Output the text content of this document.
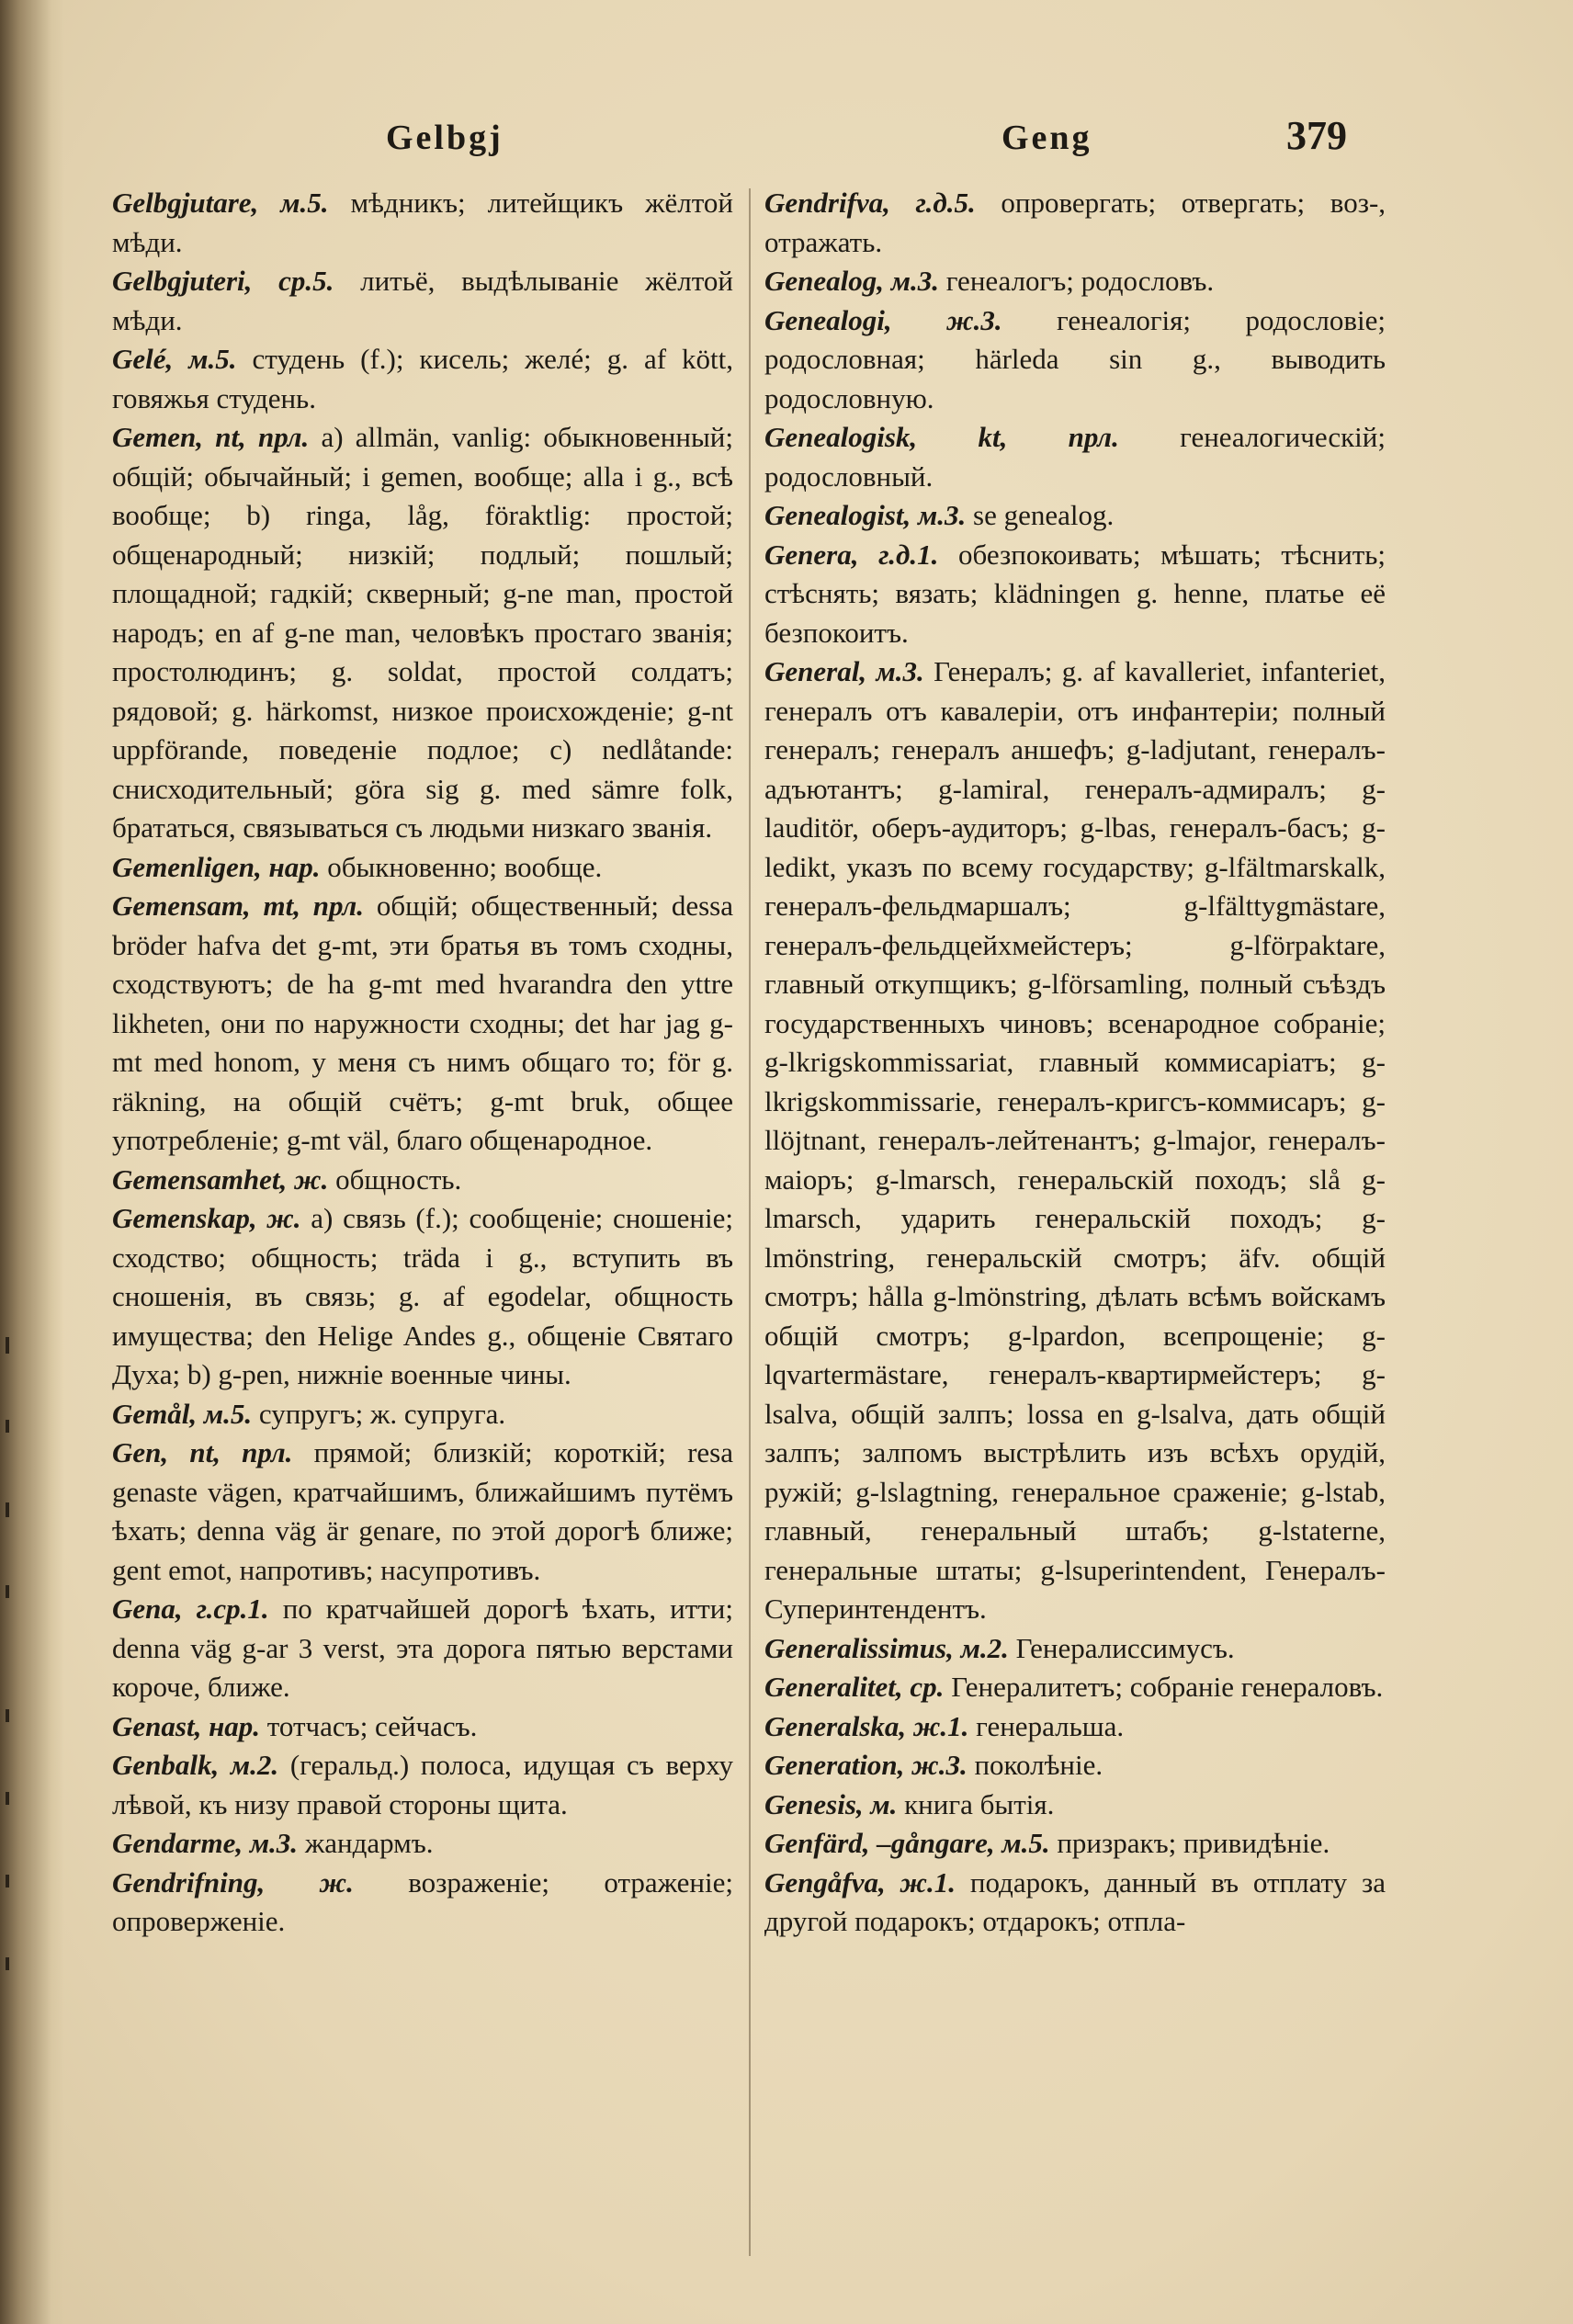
Gelbgj	Geng	379
Gelbgjutare, м.5. мѣдникъ; литейщикъ жёлтой мѣди.
Gelbgjuteri, ср.5. литьё, выдѣлываніе жёлтой мѣди.
Gelé, м.5. студень (f.); кисель; желé; g. af kött, говяжья студень.
Gemen, nt, прл. a) allmän, vanlig: обыкновенный; общій; обычайный; i gemen, вообще; alla i g., всѣ вообще; b) ringa, låg, föraktlig: простой; общенародный; низкій; подлый; пошлый; площадной; гадкій; скверный; g-ne man, простой народъ; en af g-ne man, человѣкъ простаго званія; простолюдинъ; g. soldat, простой солдатъ; рядовой; g. härkomst, низкое происхожденіе; g-nt uppförande, поведеніе подлое; c) nedlåtande: снисходительный; göra sig g. med sämre folk, брататься, связываться съ людьми низкаго званія.
Gemenligen, нар. обыкновенно; вообще.
Gemensam, mt, прл. общій; общественный; dessa bröder hafva det g-mt, эти братья въ томъ сходны, сходствуютъ; de ha g-mt med hvarandra den yttre likheten, они по наружности сходны; det har jag g-mt med honom, у меня съ нимъ общаго то; för g. räkning, на общій счётъ; g-mt bruk, общее употребленіе; g-mt väl, благо общенародное.
Gemensamhet, ж. общность.
Gemenskap, ж. a) связь (f.); сообщеніе; сношеніе; сходство; общность; träda i g., вступить въ сношенія, въ связь; g. af egodelar, общность имущества; den Helige Andes g., общеніе Святаго Духа; b) g-pen, нижніе военные чины.
Gemål, м.5. супругъ; ж. супруга.
Gen, nt, прл. прямой; близкій; короткій; resa genaste vägen, кратчайшимъ, ближайшимъ путёмъ ѣхать; denna väg är genare, по этой дорогѣ ближе; gent emot, напротивъ; насупротивъ.
Gena, г.ср.1. по кратчайшей дорогѣ ѣхать, итти; denna väg g-ar 3 verst, эта дорога пятью верстами короче, ближе.
Genast, нар. тотчасъ; сейчасъ.
Genbalk, м.2. (геральд.) полоса, идущая съ верху лѣвой, къ низу правой стороны щита.
Gendarme, м.3. жандармъ.
Gendrifning, ж. возраженіе; отраженіе; опроверженіе.
Gendrifva, г.д.5. опровергать; отвергать; воз-, отражать.
Genealog, м.3. генеалогъ; родословъ.
Genealogi, ж.3. генеалогія; родословіе; родословная; härleda sin g., выводить родословную.
Genealogisk, kt, прл. генеалогическій; родословный.
Genealogist, м.3. se genealog.
Genera, г.д.1. обезпокоивать; мѣшать; тѣснить; стѣснять; вязать; klädningen g. henne, платье её безпокоитъ.
General, м.3. Генералъ; g. af kavalleriet, infanteriet, генералъ отъ кавалеріи, отъ инфантеріи; полный генералъ; генералъ аншефъ; g-ladjutant, генералъ-адъютантъ; g-lamiral, генералъ-адмиралъ; g-lauditör, оберъ-аудиторъ; g-lbas, генералъ-басъ; g-ledikt, указъ по всему государству; g-lfältmarskalk, генералъ-фельдмаршалъ; g-lfälttygmästare, генералъ-фельдцейхмейстеръ; g-lförpaktare, главный откупщикъ; g-lförsamling, полный съѣздъ государственныхъ чиновъ; всенародное собраніе; g-lkrigskommissariat, главный коммисаріатъ; g-lkrigskommissarie, генералъ-кригсъ-коммисаръ; g-llöjtnant, генералъ-лейтенантъ; g-lmajor, генералъ-маіоръ; g-lmarsch, генеральскій походъ; slå g-lmarsch, ударить генеральскій походъ; g-lmönstring, генеральскій смотръ; äfv. общій смотръ; hålla g-lmönstring, дѣлать всѣмъ войскамъ общій смотръ; g-lpardon, всепрощеніе; g-lqvartermästare, генералъ-квартирмейстеръ; g-lsalva, общій залпъ; lossa en g-lsalva, дать общій залпъ; залпомъ выстрѣлить изъ всѣхъ орудій, ружій; g-lslagtning, генеральное сраженіе; g-lstab, главный, генеральный штабъ; g-lstaterne, генеральные штаты; g-lsuperintendent, Генералъ-Суперинтендентъ.
Generalissimus, м.2. Генералиссимусъ.
Generalitet, ср. Генералитетъ; собраніе генераловъ.
Generalska, ж.1. генеральша.
Generation, ж.3. поколѣніе.
Genesis, м. книга бытія.
Genfärd, –gångare, м.5. призракъ; привидѣніе.
Gengåfva, ж.1. подарокъ, данный въ отплату за другой подарокъ; отдарокъ; отпла-
